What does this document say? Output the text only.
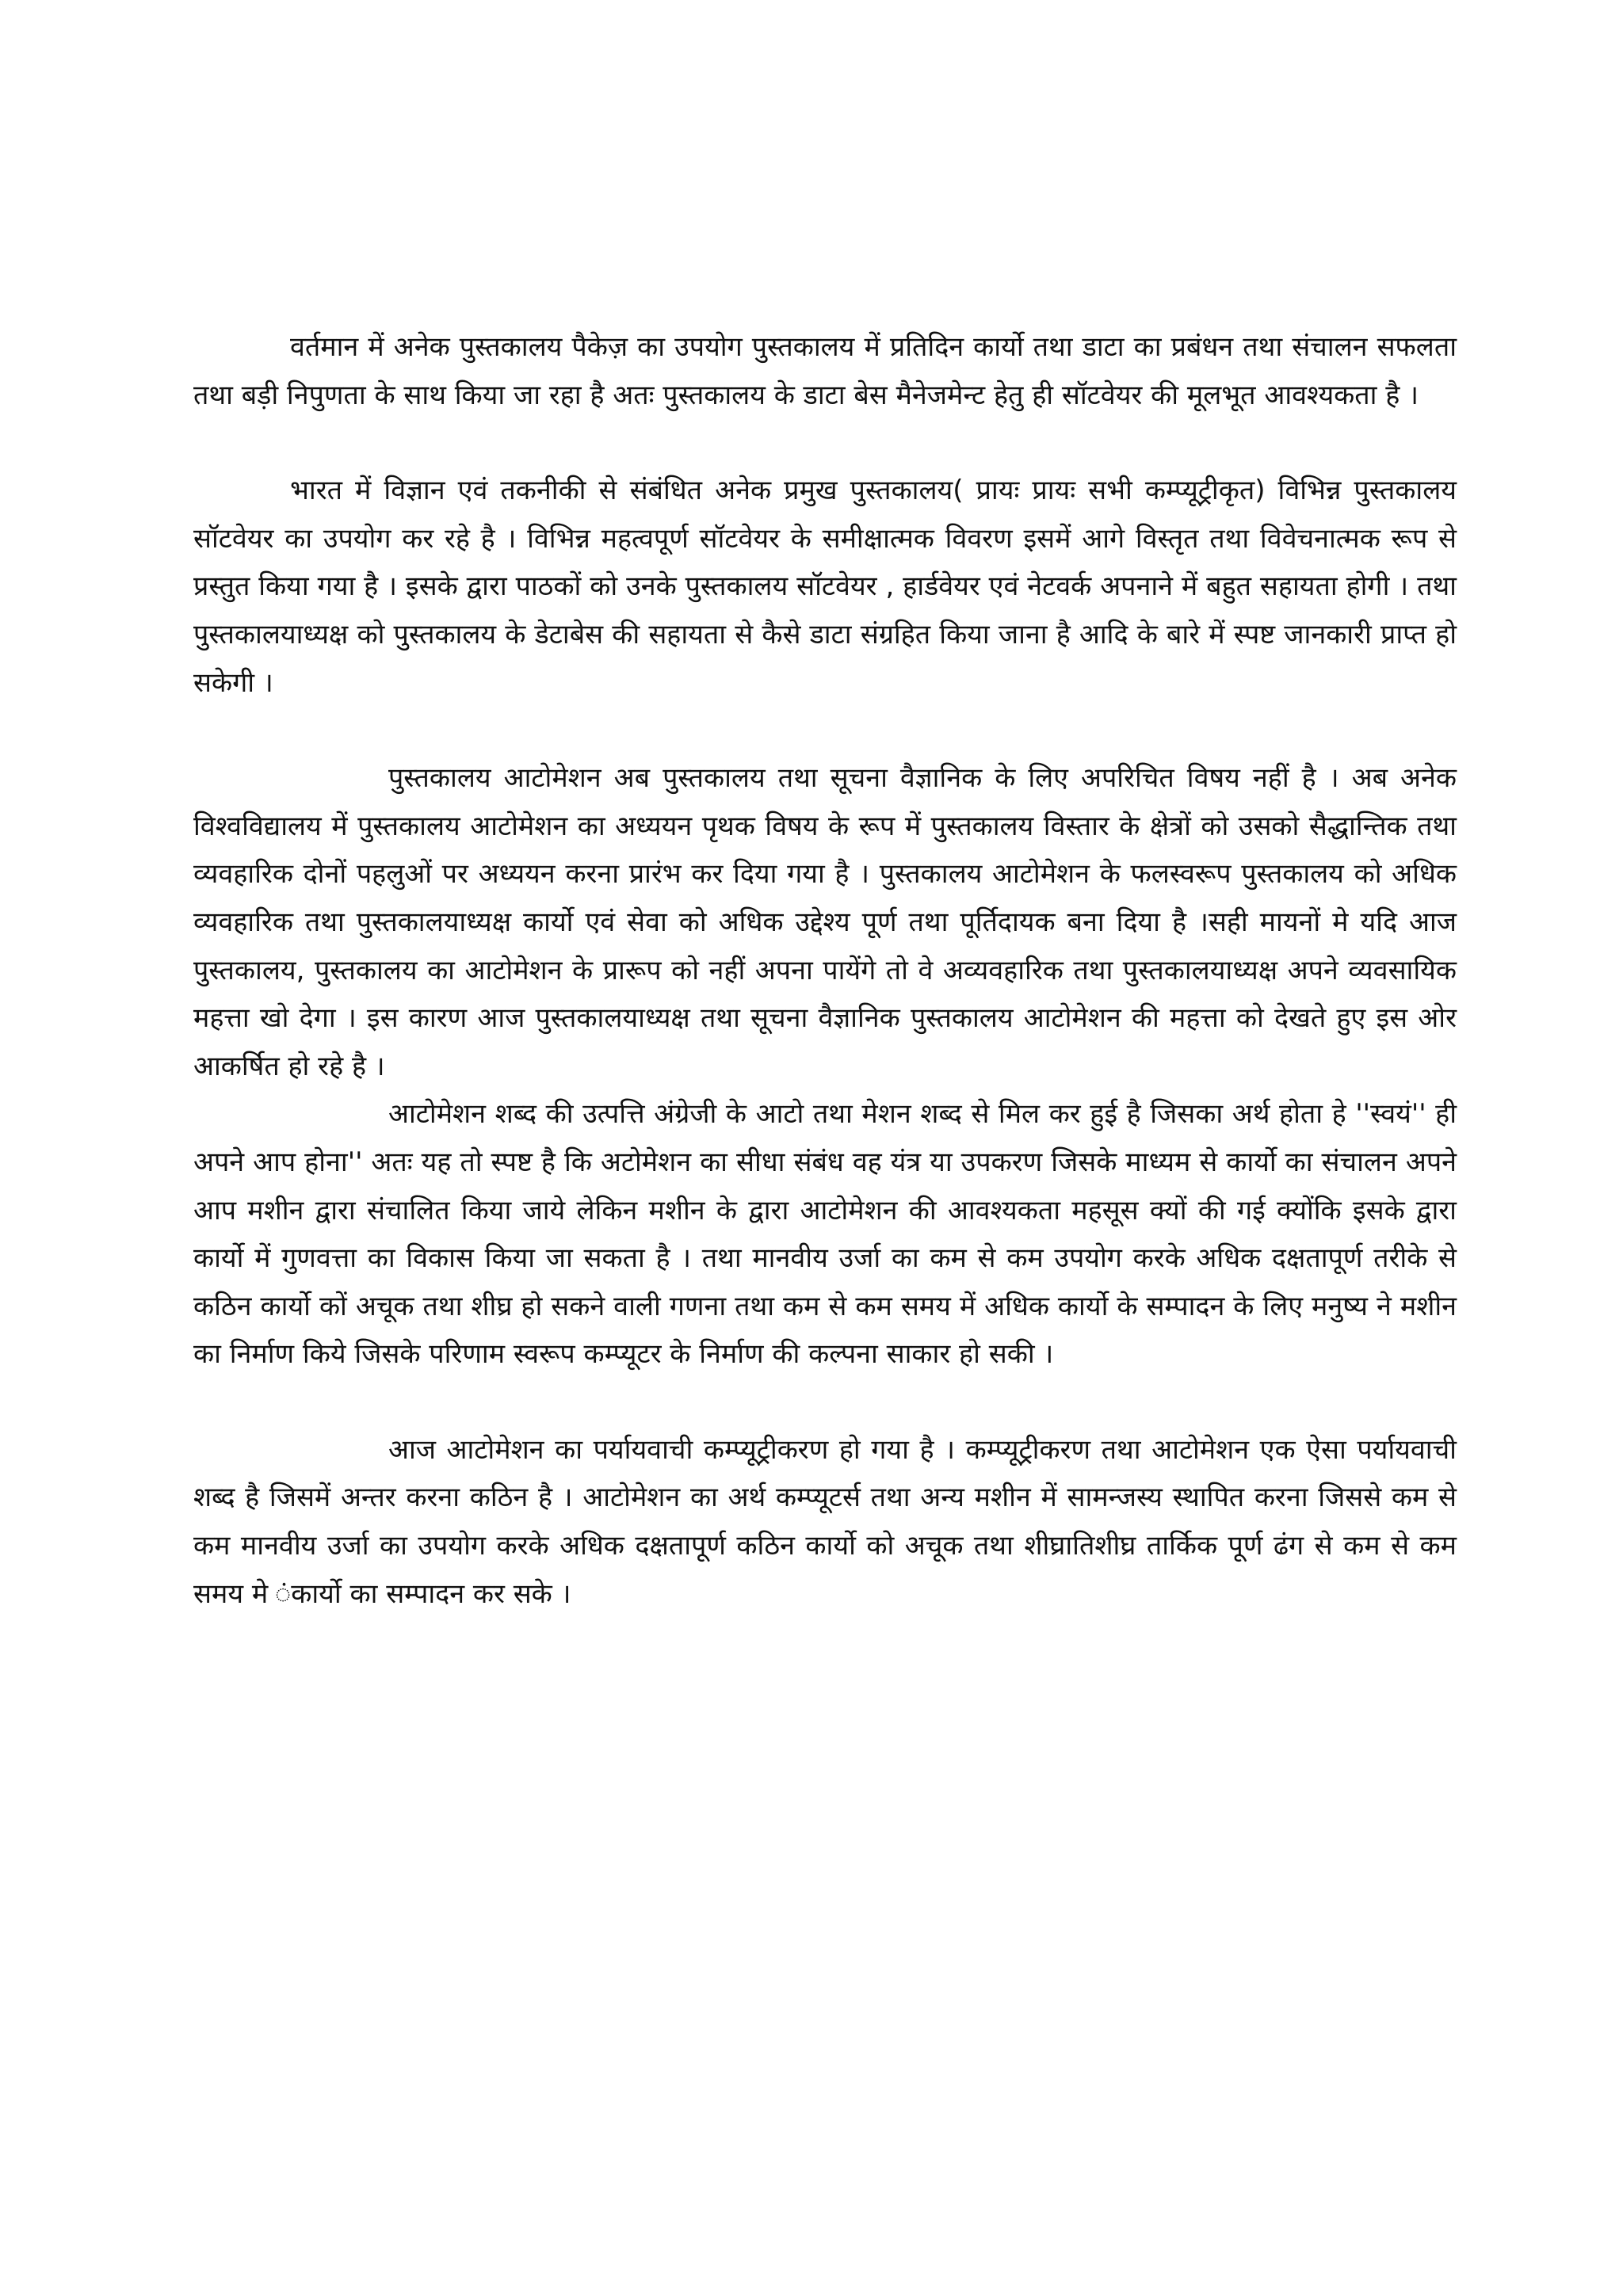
वर्तमान में अनेक पुस्तकालय पैकेज़ का उपयोग पुस्तकालय में प्रतिदिन कार्यो तथा डाटा का प्रबंधन तथा संचालन सफलता तथा बड़ी निपुणता के साथ किया जा रहा है अतः पुस्तकालय के डाटा बेस मैनेजमेन्ट हेतु ही सॉटवेयर की मूलभूत आवश्यकता है ।

भारत में विज्ञान एवं तकनीकी से संबंधित अनेक प्रमुख पुस्तकालय( प्रायः प्रायः सभी कम्प्यूट्रीकृत) विभिन्न पुस्तकालय सॉटवेयर का उपयोग कर रहे है । विभिन्न महत्वपूर्ण सॉटवेयर के समीक्षात्मक विवरण इसमें आगे विस्तृत तथा विवेचनात्मक रूप से प्रस्तुत किया गया है । इसके द्वारा पाठकों को उनके पुस्तकालय सॉटवेयर , हार्डवेयर एवं नेटवर्क अपनाने में बहुत सहायता होगी । तथा पुस्तकालयाध्यक्ष को पुस्तकालय के डेटाबेस की सहायता से कैसे डाटा संग्रहित किया जाना है आदि के बारे में स्पष्ट जानकारी प्राप्त हो सकेगी ।

पुस्तकालय आटोमेशन अब पुस्तकालय तथा सूचना वैज्ञानिक के लिए अपरिचित विषय नहीं है । अब अनेक विश्वविद्यालय में पुस्तकालय आटोमेशन का अध्ययन पृथक विषय के रूप में पुस्तकालय विस्तार के क्षेत्रों को उसको सैद्धान्तिक तथा व्यवहारिक दोनों पहलुओं पर अध्ययन करना प्रारंभ कर दिया गया है । पुस्तकालय आटोमेशन के फलस्वरूप पुस्तकालय को अधिक व्यवहारिक तथा पुस्तकालयाध्यक्ष कार्यो एवं सेवा को अधिक उद्देश्य पूर्ण तथा पूर्तिदायक बना दिया है ।सही मायनों मे यदि आज पुस्तकालय, पुस्तकालय का आटोमेशन के प्रारूप को नहीं अपना पायेंगे तो वे अव्यवहारिक तथा पुस्तकालयाध्यक्ष अपने व्यवसायिक महत्ता खो देगा । इस कारण आज पुस्तकालयाध्यक्ष तथा सूचना वैज्ञानिक पुस्तकालय आटोमेशन की महत्ता को देखते हुए इस ओर आकर्षित हो रहे है ।

आटोमेशन शब्द की उत्पत्ति अंग्रेजी के आटो तथा मेशन शब्द से मिल कर हुई है जिसका अर्थ होता हे ''स्वयं'' ही अपने आप होना'' अतः यह तो स्पष्ट है कि अटोमेशन का सीधा संबंध वह यंत्र या उपकरण जिसके माध्यम से कार्यो का संचालन अपने आप मशीन द्वारा संचालित किया जाये लेकिन मशीन के द्वारा आटोमेशन की आवश्यकता महसूस क्यों की गई क्योंकि इसके द्वारा कार्यो में गुणवत्ता का विकास किया जा सकता है । तथा मानवीय उर्जा का कम से कम उपयोग करके अधिक दक्षतापूर्ण तरीके से कठिन कार्यो कों अचूक तथा शीघ्र हो सकने वाली गणना तथा कम से कम समय में अधिक कार्यो के सम्पादन के लिए मनुष्य ने मशीन का निर्माण किये जिसके परिणाम स्वरूप कम्प्यूटर के निर्माण की कल्पना साकार हो सकी ।

आज आटोमेशन का पर्यायवाची कम्प्यूट्रीकरण हो गया है । कम्प्यूट्रीकरण तथा आटोमेशन एक ऐसा पर्यायवाची शब्द है जिसमें अन्तर करना कठिन है । आटोमेशन का अर्थ कम्प्यूटर्स तथा अन्य मशीन में सामन्जस्य स्थापित करना जिससे कम से कम मानवीय उर्जा का उपयोग करके अधिक दक्षतापूर्ण कठिन कार्यो को अचूक तथा शीघ्रातिशीघ्र तार्किक पूर्ण ढंग से कम से कम समय मे ंकार्यो का सम्पादन कर सके ।
